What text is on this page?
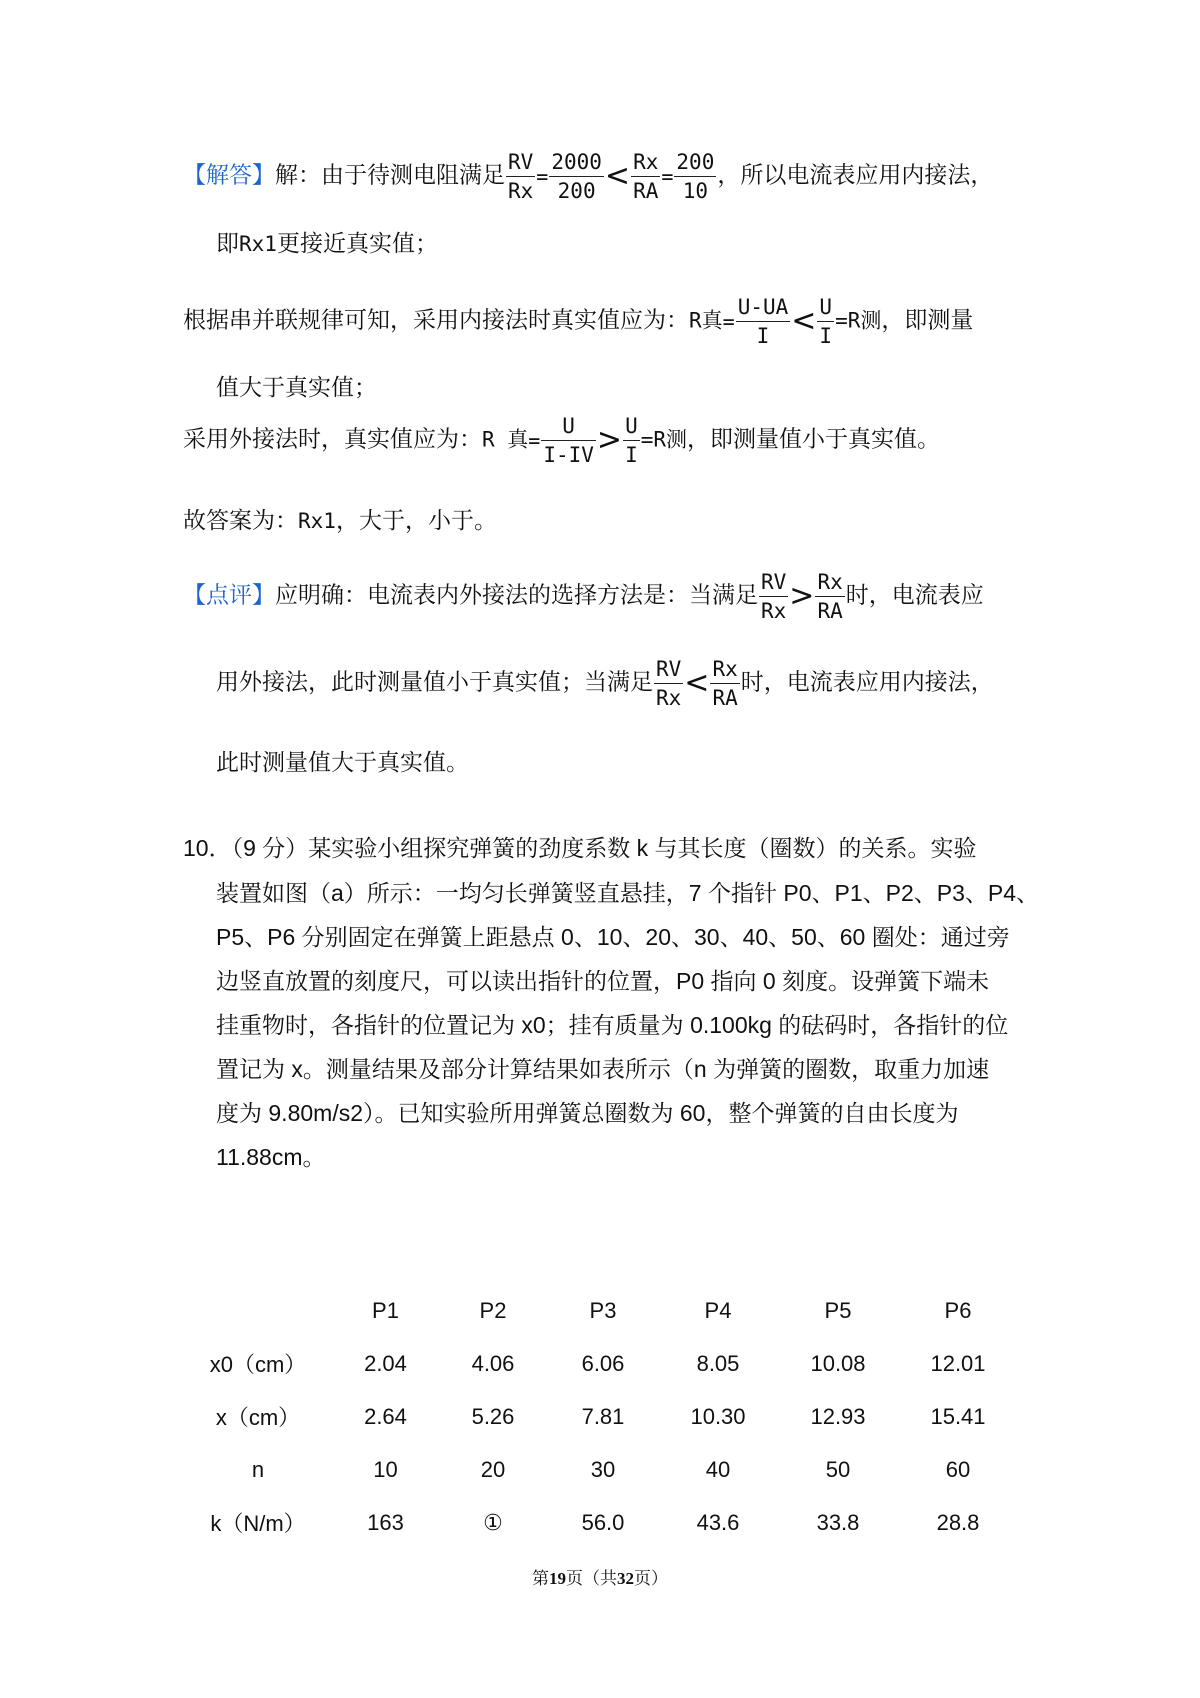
【解答】解：由于待测电阻满足 $\frac{RV}{Rx} = \frac{2000}{200} < \frac{Rx}{RA} = \frac{200}{10}$ ，所以电流表应用内接法，
即Rx1更接近真实值；
根据串并联规律可知，采用内接法时真实值应为：R真= $\frac{U-UA}{I} < \frac{U}{I} =R$测，即测量
值大于真实值；
采用外接法时，真实值应为：R 真= $\frac{U}{I-IV} > \frac{U}{I} =R$测，即测量值小于真实值。
故答案为：Rx1，大于，小于。
【点评】应明确：电流表内外接法的选择方法是：当满足 $\frac{RV}{Rx} > \frac{Rx}{RA}$ 时，电流表应
用外接法，此时测量值小于真实值；当满足 $\frac{RV}{Rx} < \frac{Rx}{RA}$ 时，电流表应用内接法，
此时测量值大于真实值。
10．（9 分）某实验小组探究弹簧的劲度系数 k 与其长度（圈数）的关系。实验
装置如图（a）所示：一均匀长弹簧竖直悬挂，7 个指针 P0、P1、P2、P3、P4、
P5、P6 分别固定在弹簧上距悬点 0、10、20、30、40、50、60 圈处：通过旁
边竖直放置的刻度尺，可以读出指针的位置，P0 指向 0 刻度。设弹簧下端未
挂重物时，各指针的位置记为 x0；挂有质量为 0.100kg 的砝码时，各指针的位
置记为 x。测量结果及部分计算结果如表所示（n 为弹簧的圈数，取重力加速
度为 9.80m/s2）。已知实验所用弹簧总圈数为 60，整个弹簧的自由长度为
11.88cm。
	P1	P2	P3	P4	P5	P6
x0（cm）	2.04	4.06	6.06	8.05	10.08	12.01
x（cm）	2.64	5.26	7.81	10.30	12.93	15.41
n	10	20	30	40	50	60
k（N/m）	163	①	56.0	43.6	33.8	28.8
第19页（共32页）
